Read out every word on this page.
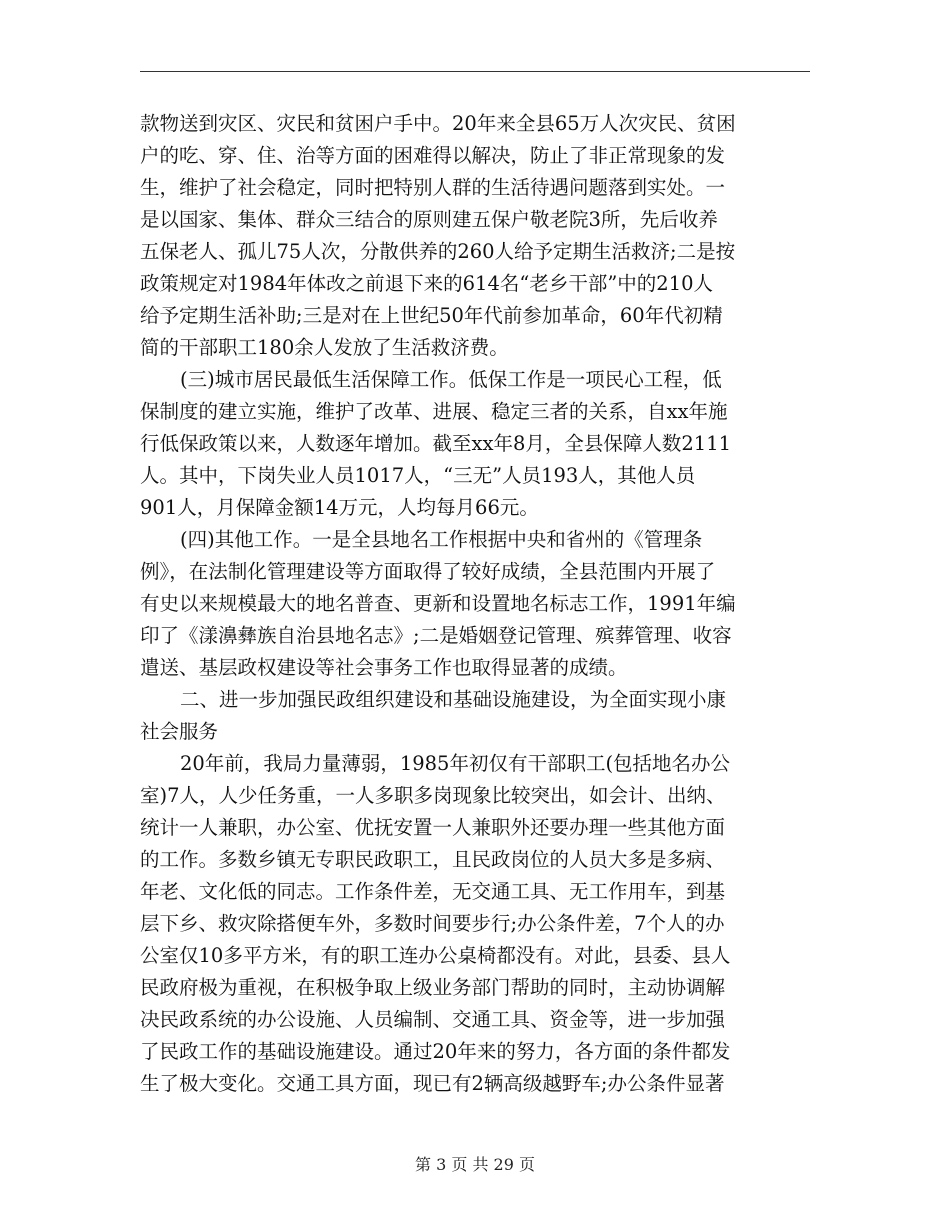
款物送到灾区、灾民和贫困户手中。20年来全县65万人次灾民、贫困
户的吃、穿、住、治等方面的困难得以解决，防止了非正常现象的发
生，维护了社会稳定，同时把特别人群的生活待遇问题落到实处。一
是以国家、集体、群众三结合的原则建五保户敬老院3所，先后收养
五保老人、孤儿75人次，分散供养的260人给予定期生活救济;二是按
政策规定对1984年体改之前退下来的614名“老乡干部”中的210人
给予定期生活补助;三是对在上世纪50年代前参加革命，60年代初精
简的干部职工180余人发放了生活救济费。
(三)城市居民最低生活保障工作。低保工作是一项民心工程，低
保制度的建立实施，维护了改革、进展、稳定三者的关系，自xx年施
行低保政策以来，人数逐年增加。截至xx年8月，全县保障人数2111
人。其中，下岗失业人员1017人，“三无”人员193人，其他人员
901人，月保障金额14万元，人均每月66元。
(四)其他工作。一是全县地名工作根据中央和省州的《管理条
例》，在法制化管理建设等方面取得了较好成绩，全县范围内开展了
有史以来规模最大的地名普查、更新和设置地名标志工作，1991年编
印了《漾濞彝族自治县地名志》;二是婚姻登记管理、殡葬管理、收容
遣送、基层政权建设等社会事务工作也取得显著的成绩。
二、进一步加强民政组织建设和基础设施建设，为全面实现小康
社会服务
20年前，我局力量薄弱，1985年初仅有干部职工(包括地名办公
室)7人，人少任务重，一人多职多岗现象比较突出，如会计、出纳、
统计一人兼职，办公室、优抚安置一人兼职外还要办理一些其他方面
的工作。多数乡镇无专职民政职工，且民政岗位的人员大多是多病、
年老、文化低的同志。工作条件差，无交通工具、无工作用车，到基
层下乡、救灾除搭便车外，多数时间要步行;办公条件差，7个人的办
公室仅10多平方米，有的职工连办公桌椅都没有。对此，县委、县人
民政府极为重视，在积极争取上级业务部门帮助的同时，主动协调解
决民政系统的办公设施、人员编制、交通工具、资金等，进一步加强
了民政工作的基础设施建设。通过20年来的努力，各方面的条件都发
生了极大变化。交通工具方面，现已有2辆高级越野车;办公条件显著
第 3 页 共 29 页
